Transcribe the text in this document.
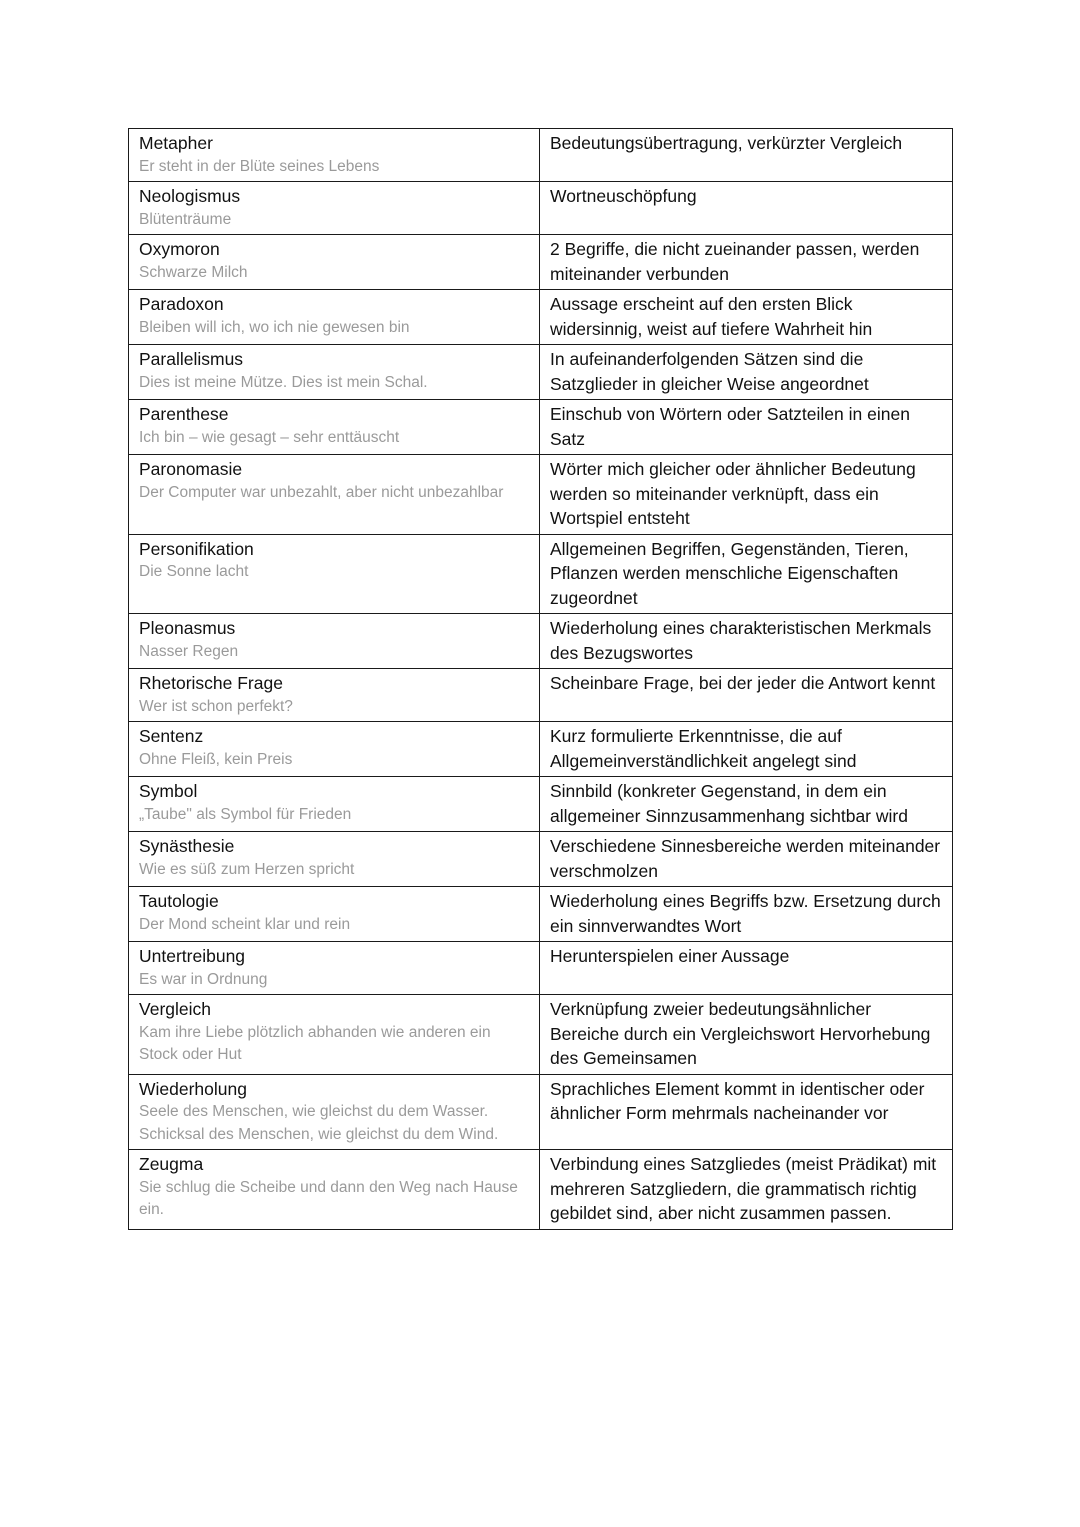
Metapher
Er steht in der Blüte seines Lebens	Bedeutungsübertragung, verkürzter Vergleich

Neologismus
Blütenträume	Wortneuschöpfung

Oxymoron
Schwarze Milch	2 Begriffe, die nicht zueinander passen, werden miteinander verbunden

Paradoxon
Bleiben will ich, wo ich nie gewesen bin	Aussage erscheint auf den ersten Blick widersinnig, weist auf tiefere Wahrheit hin

Parallelismus
Dies ist meine Mütze. Dies ist mein Schal.	In aufeinanderfolgenden Sätzen sind die Satzglieder in gleicher Weise angeordnet

Parenthese
Ich bin – wie gesagt – sehr enttäuscht	Einschub von Wörtern oder Satzteilen in einen Satz

Paronomasie
Der Computer war unbezahlt, aber nicht unbezahlbar	Wörter mich gleicher oder ähnlicher Bedeutung werden so miteinander verknüpft, dass ein Wortspiel entsteht

Personifikation
Die Sonne lacht	Allgemeinen Begriffen, Gegenständen, Tieren, Pflanzen werden menschliche Eigenschaften zugeordnet

Pleonasmus
Nasser Regen	Wiederholung eines charakteristischen Merkmals des Bezugswortes

Rhetorische Frage
Wer ist schon perfekt?	Scheinbare Frage, bei der jeder die Antwort kennt

Sentenz
Ohne Fleiß, kein Preis	Kurz formulierte Erkenntnisse, die auf Allgemeinverständlichkeit angelegt sind

Symbol
„Taube" als Symbol für Frieden	Sinnbild (konkreter Gegenstand, in dem ein allgemeiner Sinnzusammenhang sichtbar wird

Synästhesie
Wie es süß zum Herzen spricht	Verschiedene Sinnesbereiche werden miteinander verschmolzen

Tautologie
Der Mond scheint klar und rein	Wiederholung eines Begriffs bzw. Ersetzung durch ein sinnverwandtes Wort

Untertreibung
Es war in Ordnung	Herunterspielen einer Aussage

Vergleich
Kam ihre Liebe plötzlich abhanden wie anderen ein Stock oder Hut	Verknüpfung zweier bedeutungsähnlicher Bereiche durch ein Vergleichswort Hervorhebung des Gemeinsamen

Wiederholung
Seele des Menschen, wie gleichst du dem Wasser. Schicksal des Menschen, wie gleichst du dem Wind.	Sprachliches Element kommt in identischer oder ähnlicher Form mehrmals nacheinander vor

Zeugma
Sie schlug die Scheibe und dann den Weg nach Hause ein.	Verbindung eines Satzgliedes (meist Prädikat) mit mehreren Satzgliedern, die grammatisch richtig gebildet sind, aber nicht zusammen passen.
